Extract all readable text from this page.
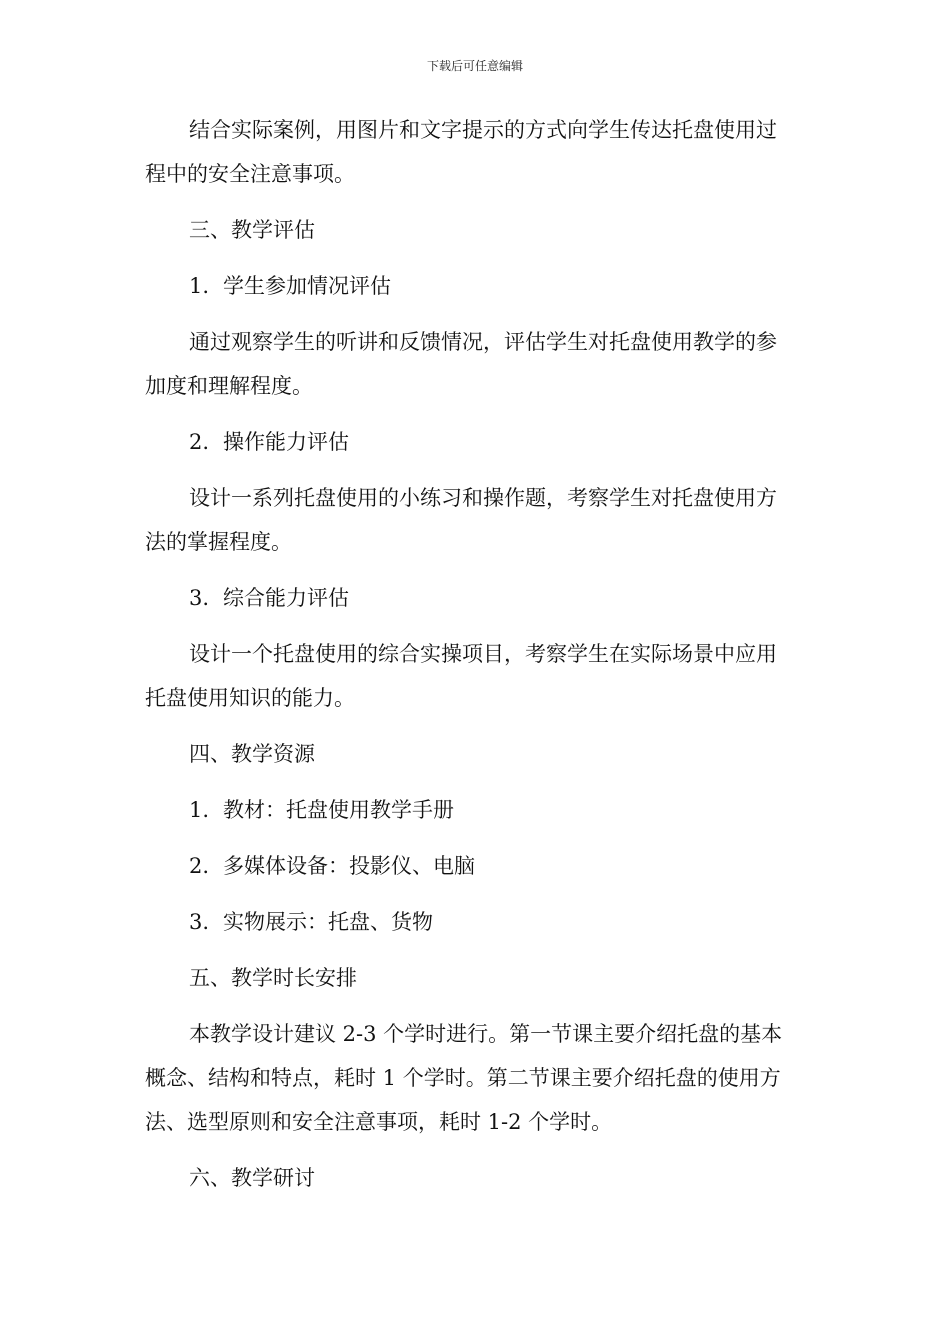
下载后可任意编辑

结合实际案例，用图片和文字提示的方式向学生传达托盘使用过程中的安全注意事项。

三、教学评估

1. 学生参加情况评估

通过观察学生的听讲和反馈情况，评估学生对托盘使用教学的参加度和理解程度。

2. 操作能力评估

设计一系列托盘使用的小练习和操作题，考察学生对托盘使用方法的掌握程度。

3. 综合能力评估

设计一个托盘使用的综合实操项目，考察学生在实际场景中应用托盘使用知识的能力。

四、教学资源

1. 教材：托盘使用教学手册

2. 多媒体设备：投影仪、电脑

3. 实物展示：托盘、货物

五、教学时长安排

本教学设计建议 2-3 个学时进行。第一节课主要介绍托盘的基本概念、结构和特点，耗时 1 个学时。第二节课主要介绍托盘的使用方法、选型原则和安全注意事项，耗时 1-2 个学时。

六、教学研讨
